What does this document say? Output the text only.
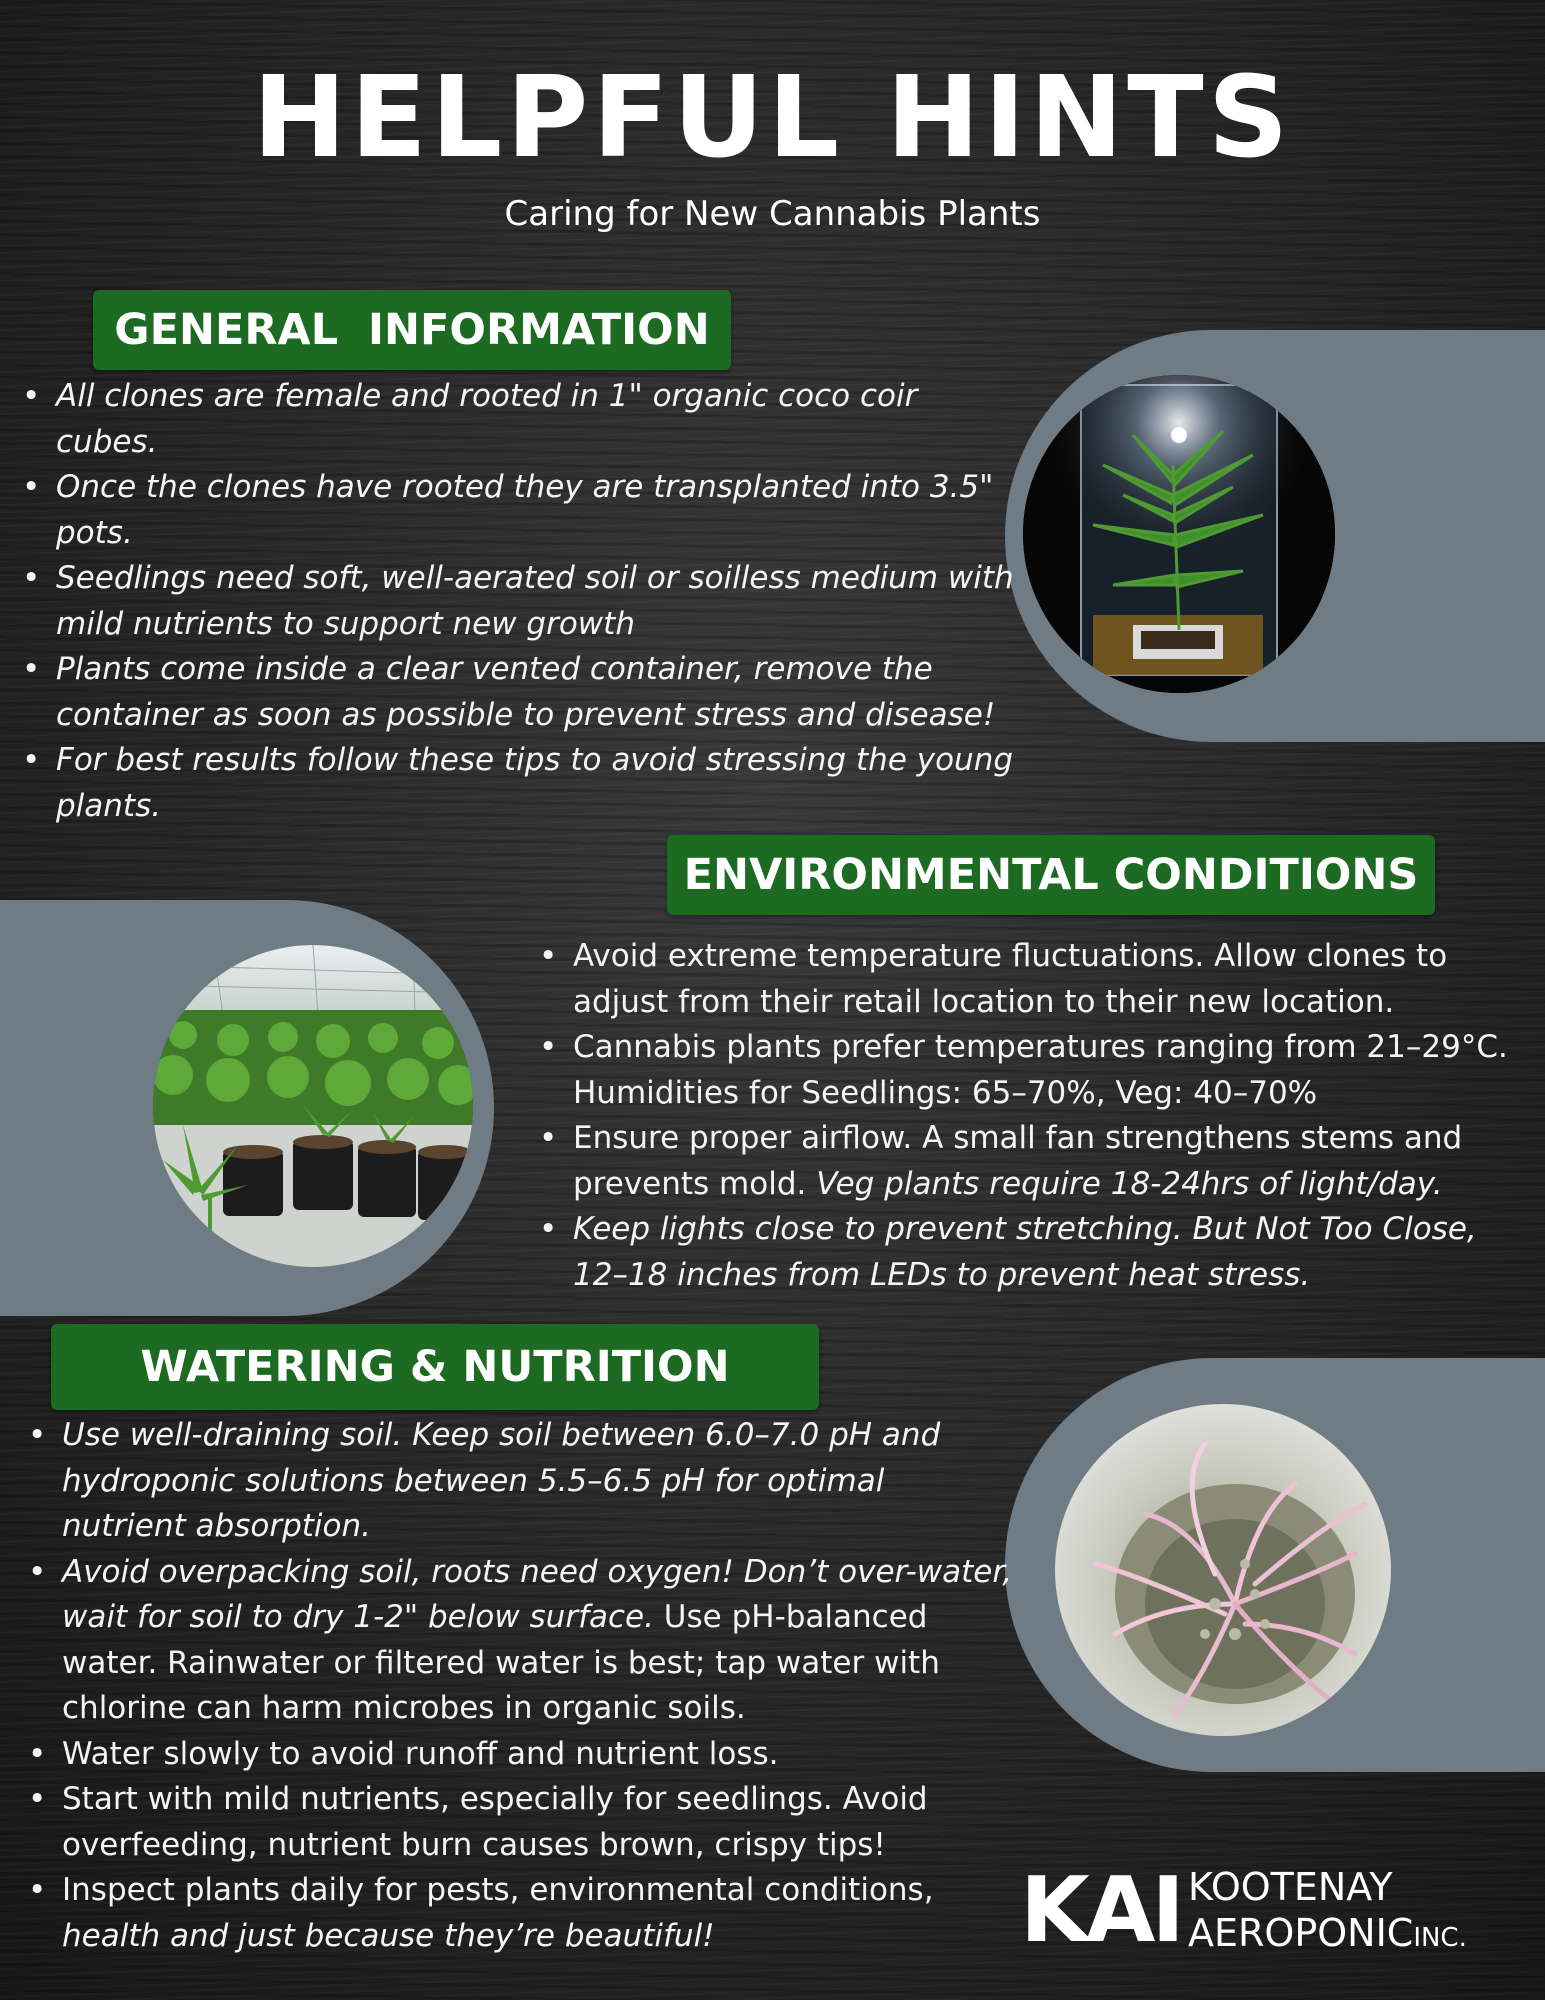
HELPFUL HINTS
Caring for New Cannabis Plants
GENERAL  INFORMATION
• All clones are female and rooted in 1" organic coco coir cubes.
• Once the clones have rooted they are transplanted into 3.5" pots.
• Seedlings need soft, well-aerated soil or soilless medium with mild nutrients to support new growth
• Plants come inside a clear vented container, remove the container as soon as possible to prevent stress and disease!
• For best results follow these tips to avoid stressing the young plants.
ENVIRONMENTAL CONDITIONS
• Avoid extreme temperature fluctuations. Allow clones to adjust from their retail location to their new location.
• Cannabis plants prefer temperatures ranging from 21–29°C. Humidities for Seedlings: 65–70%, Veg: 40–70%
• Ensure proper airflow. A small fan strengthens stems and prevents mold. Veg plants require 18-24hrs of light/day.
• Keep lights close to prevent stretching. But Not Too Close, 12–18 inches from LEDs to prevent heat stress.
WATERING & NUTRITION
• Use well-draining soil. Keep soil between 6.0–7.0 pH and hydroponic solutions between 5.5–6.5 pH for optimal nutrient absorption.
• Avoid overpacking soil, roots need oxygen! Don’t over-water, wait for soil to dry 1-2" below surface. Use pH-balanced water. Rainwater or filtered water is best; tap water with chlorine can harm microbes in organic soils.
• Water slowly to avoid runoff and nutrient loss.
• Start with mild nutrients, especially for seedlings. Avoid overfeeding, nutrient burn causes brown, crispy tips!
• Inspect plants daily for pests, environmental conditions, health and just because they’re beautiful!	KAI KOOTENAY
AEROPONICINC.
